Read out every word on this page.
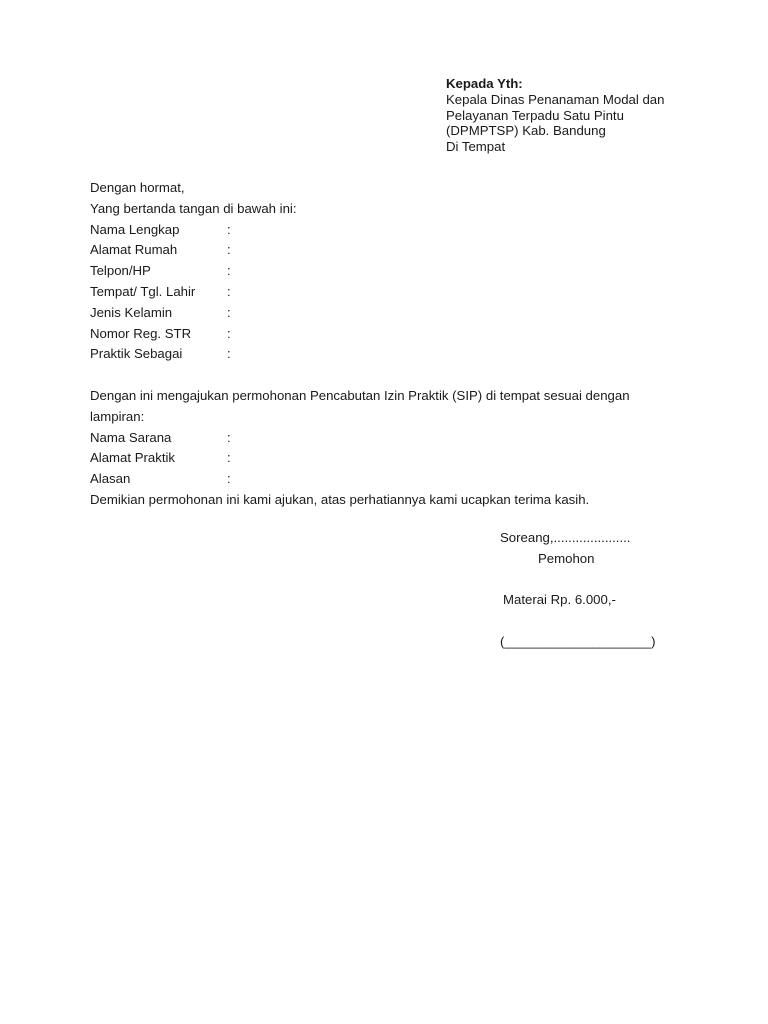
Kepada Yth:
Kepala Dinas Penanaman Modal dan
Pelayanan Terpadu Satu Pintu
(DPMPTSP) Kab. Bandung
Di Tempat
Dengan hormat,
Yang bertanda tangan di bawah ini:
Nama Lengkap	:
Alamat Rumah	:
Telpon/HP	:
Tempat/ Tgl. Lahir	:
Jenis Kelamin	:
Nomor Reg. STR	:
Praktik Sebagai	:
Dengan ini mengajukan permohonan Pencabutan Izin Praktik (SIP) di tempat sesuai dengan
lampiran:
Nama Sarana	:
Alamat Praktik	:
Alasan	:
Demikian permohonan ini kami ajukan, atas perhatiannya kami ucapkan terima kasih.
Soreang,.....................
Pemohon
Materai Rp. 6.000,-
(____________________)
